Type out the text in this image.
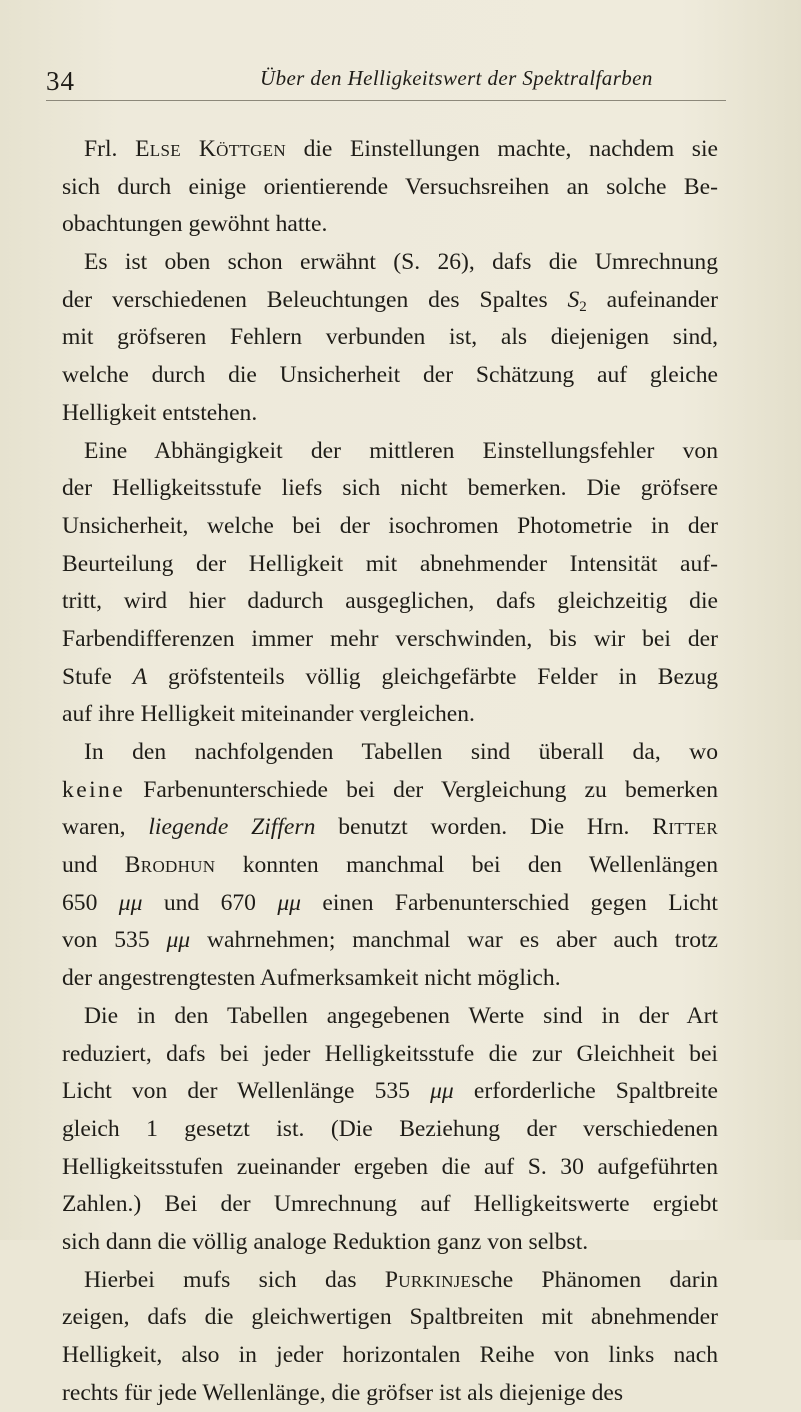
34	Über den Helligkeitswert der Spektralfarben
Frl. Else Köttgen die Einstellungen machte, nachdem sie
sich durch einige orientierende Versuchsreihen an solche Be-
obachtungen gewöhnt hatte.
Es ist oben schon erwähnt (S. 26), dafs die Umrechnung
der verschiedenen Beleuchtungen des Spaltes $S_2$ aufeinander
mit gröfseren Fehlern verbunden ist, als diejenigen sind,
welche durch die Unsicherheit der Schätzung auf gleiche
Helligkeit entstehen.
Eine Abhängigkeit der mittleren Einstellungsfehler von
der Helligkeitsstufe liefs sich nicht bemerken. Die gröfsere
Unsicherheit, welche bei der isochromen Photometrie in der
Beurteilung der Helligkeit mit abnehmender Intensität auf-
tritt, wird hier dadurch ausgeglichen, dafs gleichzeitig die
Farbendifferenzen immer mehr verschwinden, bis wir bei der
Stufe A gröfstenteils völlig gleichgefärbte Felder in Bezug
auf ihre Helligkeit miteinander vergleichen.
In den nachfolgenden Tabellen sind überall da, wo
keine Farbenunterschiede bei der Vergleichung zu bemerken
waren, liegende Ziffern benutzt worden. Die Hrn. Ritter
und Brodhun konnten manchmal bei den Wellenlängen
650 μμ und 670 μμ einen Farbenunterschied gegen Licht
von 535 μμ wahrnehmen; manchmal war es aber auch trotz
der angestrengtesten Aufmerksamkeit nicht möglich.
Die in den Tabellen angegebenen Werte sind in der Art
reduziert, dafs bei jeder Helligkeitsstufe die zur Gleichheit bei
Licht von der Wellenlänge 535 μμ erforderliche Spaltbreite
gleich 1 gesetzt ist. (Die Beziehung der verschiedenen
Helligkeitsstufen zueinander ergeben die auf S. 30 aufgeführten
Zahlen.) Bei der Umrechnung auf Helligkeitswerte ergiebt
sich dann die völlig analoge Reduktion ganz von selbst.
Hierbei mufs sich das Purkinjesche Phänomen darin
zeigen, dafs die gleichwertigen Spaltbreiten mit abnehmender
Helligkeit, also in jeder horizontalen Reihe von links nach
rechts für jede Wellenlänge, die gröfser ist als diejenige des
